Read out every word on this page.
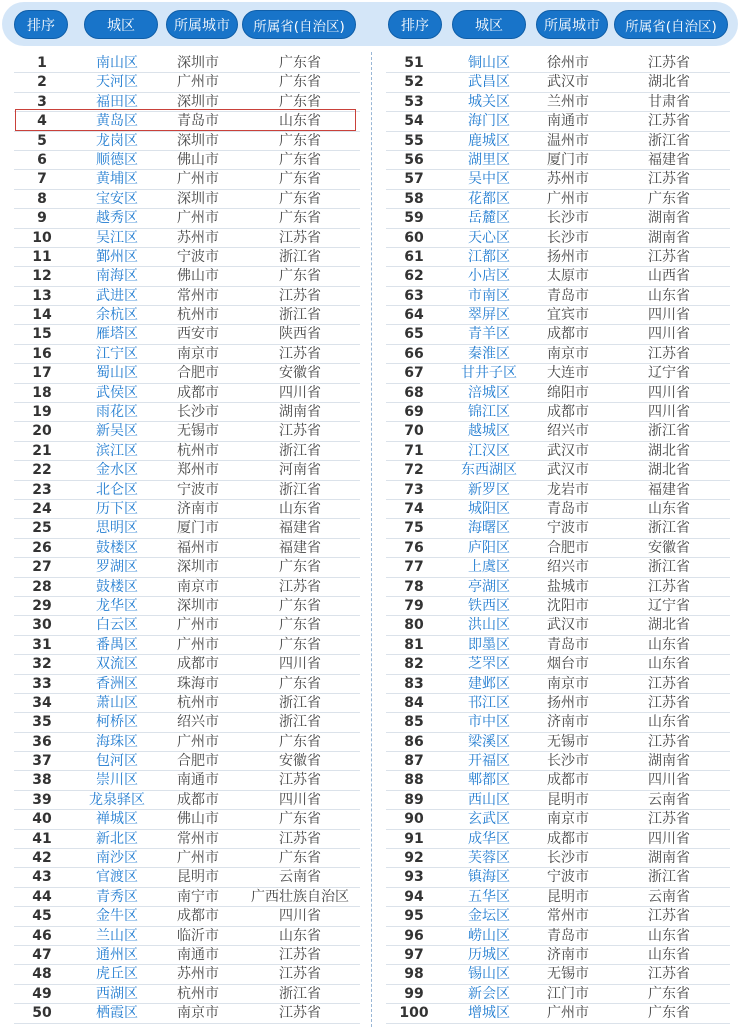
排序	城区	所属城市	所属省(自治区)	排序	城区	所属城市	所属省(自治区)
1	南山区	深圳市	广东省
2	天河区	广州市	广东省
3	福田区	深圳市	广东省
4	黄岛区	青岛市	山东省
5	龙岗区	深圳市	广东省
6	顺德区	佛山市	广东省
7	黄埔区	广州市	广东省
8	宝安区	深圳市	广东省
9	越秀区	广州市	广东省
10	吴江区	苏州市	江苏省
11	鄞州区	宁波市	浙江省
12	南海区	佛山市	广东省
13	武进区	常州市	江苏省
14	余杭区	杭州市	浙江省
15	雁塔区	西安市	陕西省
16	江宁区	南京市	江苏省
17	蜀山区	合肥市	安徽省
18	武侯区	成都市	四川省
19	雨花区	长沙市	湖南省
20	新吴区	无锡市	江苏省
21	滨江区	杭州市	浙江省
22	金水区	郑州市	河南省
23	北仑区	宁波市	浙江省
24	历下区	济南市	山东省
25	思明区	厦门市	福建省
26	鼓楼区	福州市	福建省
27	罗湖区	深圳市	广东省
28	鼓楼区	南京市	江苏省
29	龙华区	深圳市	广东省
30	白云区	广州市	广东省
31	番禺区	广州市	广东省
32	双流区	成都市	四川省
33	香洲区	珠海市	广东省
34	萧山区	杭州市	浙江省
35	柯桥区	绍兴市	浙江省
36	海珠区	广州市	广东省
37	包河区	合肥市	安徽省
38	崇川区	南通市	江苏省
39	龙泉驿区	成都市	四川省
40	禅城区	佛山市	广东省
41	新北区	常州市	江苏省
42	南沙区	广州市	广东省
43	官渡区	昆明市	云南省
44	青秀区	南宁市	广西壮族自治区
45	金牛区	成都市	四川省
46	兰山区	临沂市	山东省
47	通州区	南通市	江苏省
48	虎丘区	苏州市	江苏省
49	西湖区	杭州市	浙江省
50	栖霞区	南京市	江苏省
51	铜山区	徐州市	江苏省
52	武昌区	武汉市	湖北省
53	城关区	兰州市	甘肃省
54	海门区	南通市	江苏省
55	鹿城区	温州市	浙江省
56	湖里区	厦门市	福建省
57	吴中区	苏州市	江苏省
58	花都区	广州市	广东省
59	岳麓区	长沙市	湖南省
60	天心区	长沙市	湖南省
61	江都区	扬州市	江苏省
62	小店区	太原市	山西省
63	市南区	青岛市	山东省
64	翠屏区	宜宾市	四川省
65	青羊区	成都市	四川省
66	秦淮区	南京市	江苏省
67	甘井子区	大连市	辽宁省
68	涪城区	绵阳市	四川省
69	锦江区	成都市	四川省
70	越城区	绍兴市	浙江省
71	江汉区	武汉市	湖北省
72	东西湖区	武汉市	湖北省
73	新罗区	龙岩市	福建省
74	城阳区	青岛市	山东省
75	海曙区	宁波市	浙江省
76	庐阳区	合肥市	安徽省
77	上虞区	绍兴市	浙江省
78	亭湖区	盐城市	江苏省
79	铁西区	沈阳市	辽宁省
80	洪山区	武汉市	湖北省
81	即墨区	青岛市	山东省
82	芝罘区	烟台市	山东省
83	建邺区	南京市	江苏省
84	邗江区	扬州市	江苏省
85	市中区	济南市	山东省
86	梁溪区	无锡市	江苏省
87	开福区	长沙市	湖南省
88	郫都区	成都市	四川省
89	西山区	昆明市	云南省
90	玄武区	南京市	江苏省
91	成华区	成都市	四川省
92	芙蓉区	长沙市	湖南省
93	镇海区	宁波市	浙江省
94	五华区	昆明市	云南省
95	金坛区	常州市	江苏省
96	崂山区	青岛市	山东省
97	历城区	济南市	山东省
98	锡山区	无锡市	江苏省
99	新会区	江门市	广东省
100	增城区	广州市	广东省
